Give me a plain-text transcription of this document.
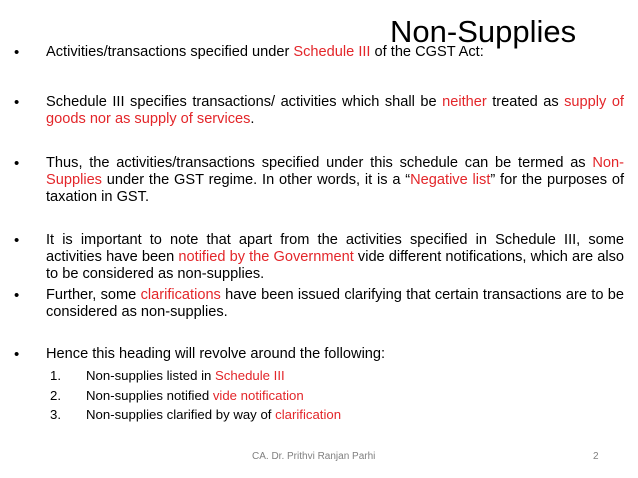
Non-Supplies
• Activities/transactions specified under Schedule III of the CGST Act:
• Schedule III specifies transactions/ activities which shall be neither treated as supply of goods nor as supply of services.
• Thus, the activities/transactions specified under this schedule can be termed as Non-Supplies under the GST regime. In other words, it is a “Negative list” for the purposes of taxation in GST.
• It is important to note that apart from the activities specified in Schedule III, some activities have been notified by the Government vide different notifications, which are also to be considered as non-supplies.
• Further, some clarifications have been issued clarifying that certain transactions are to be considered as non-supplies.
• Hence this heading will revolve around the following:
1. Non-supplies listed in Schedule III
2. Non-supplies notified vide notification
3. Non-supplies clarified by way of clarification
CA. Dr. Prithvi Ranjan Parhi	2
